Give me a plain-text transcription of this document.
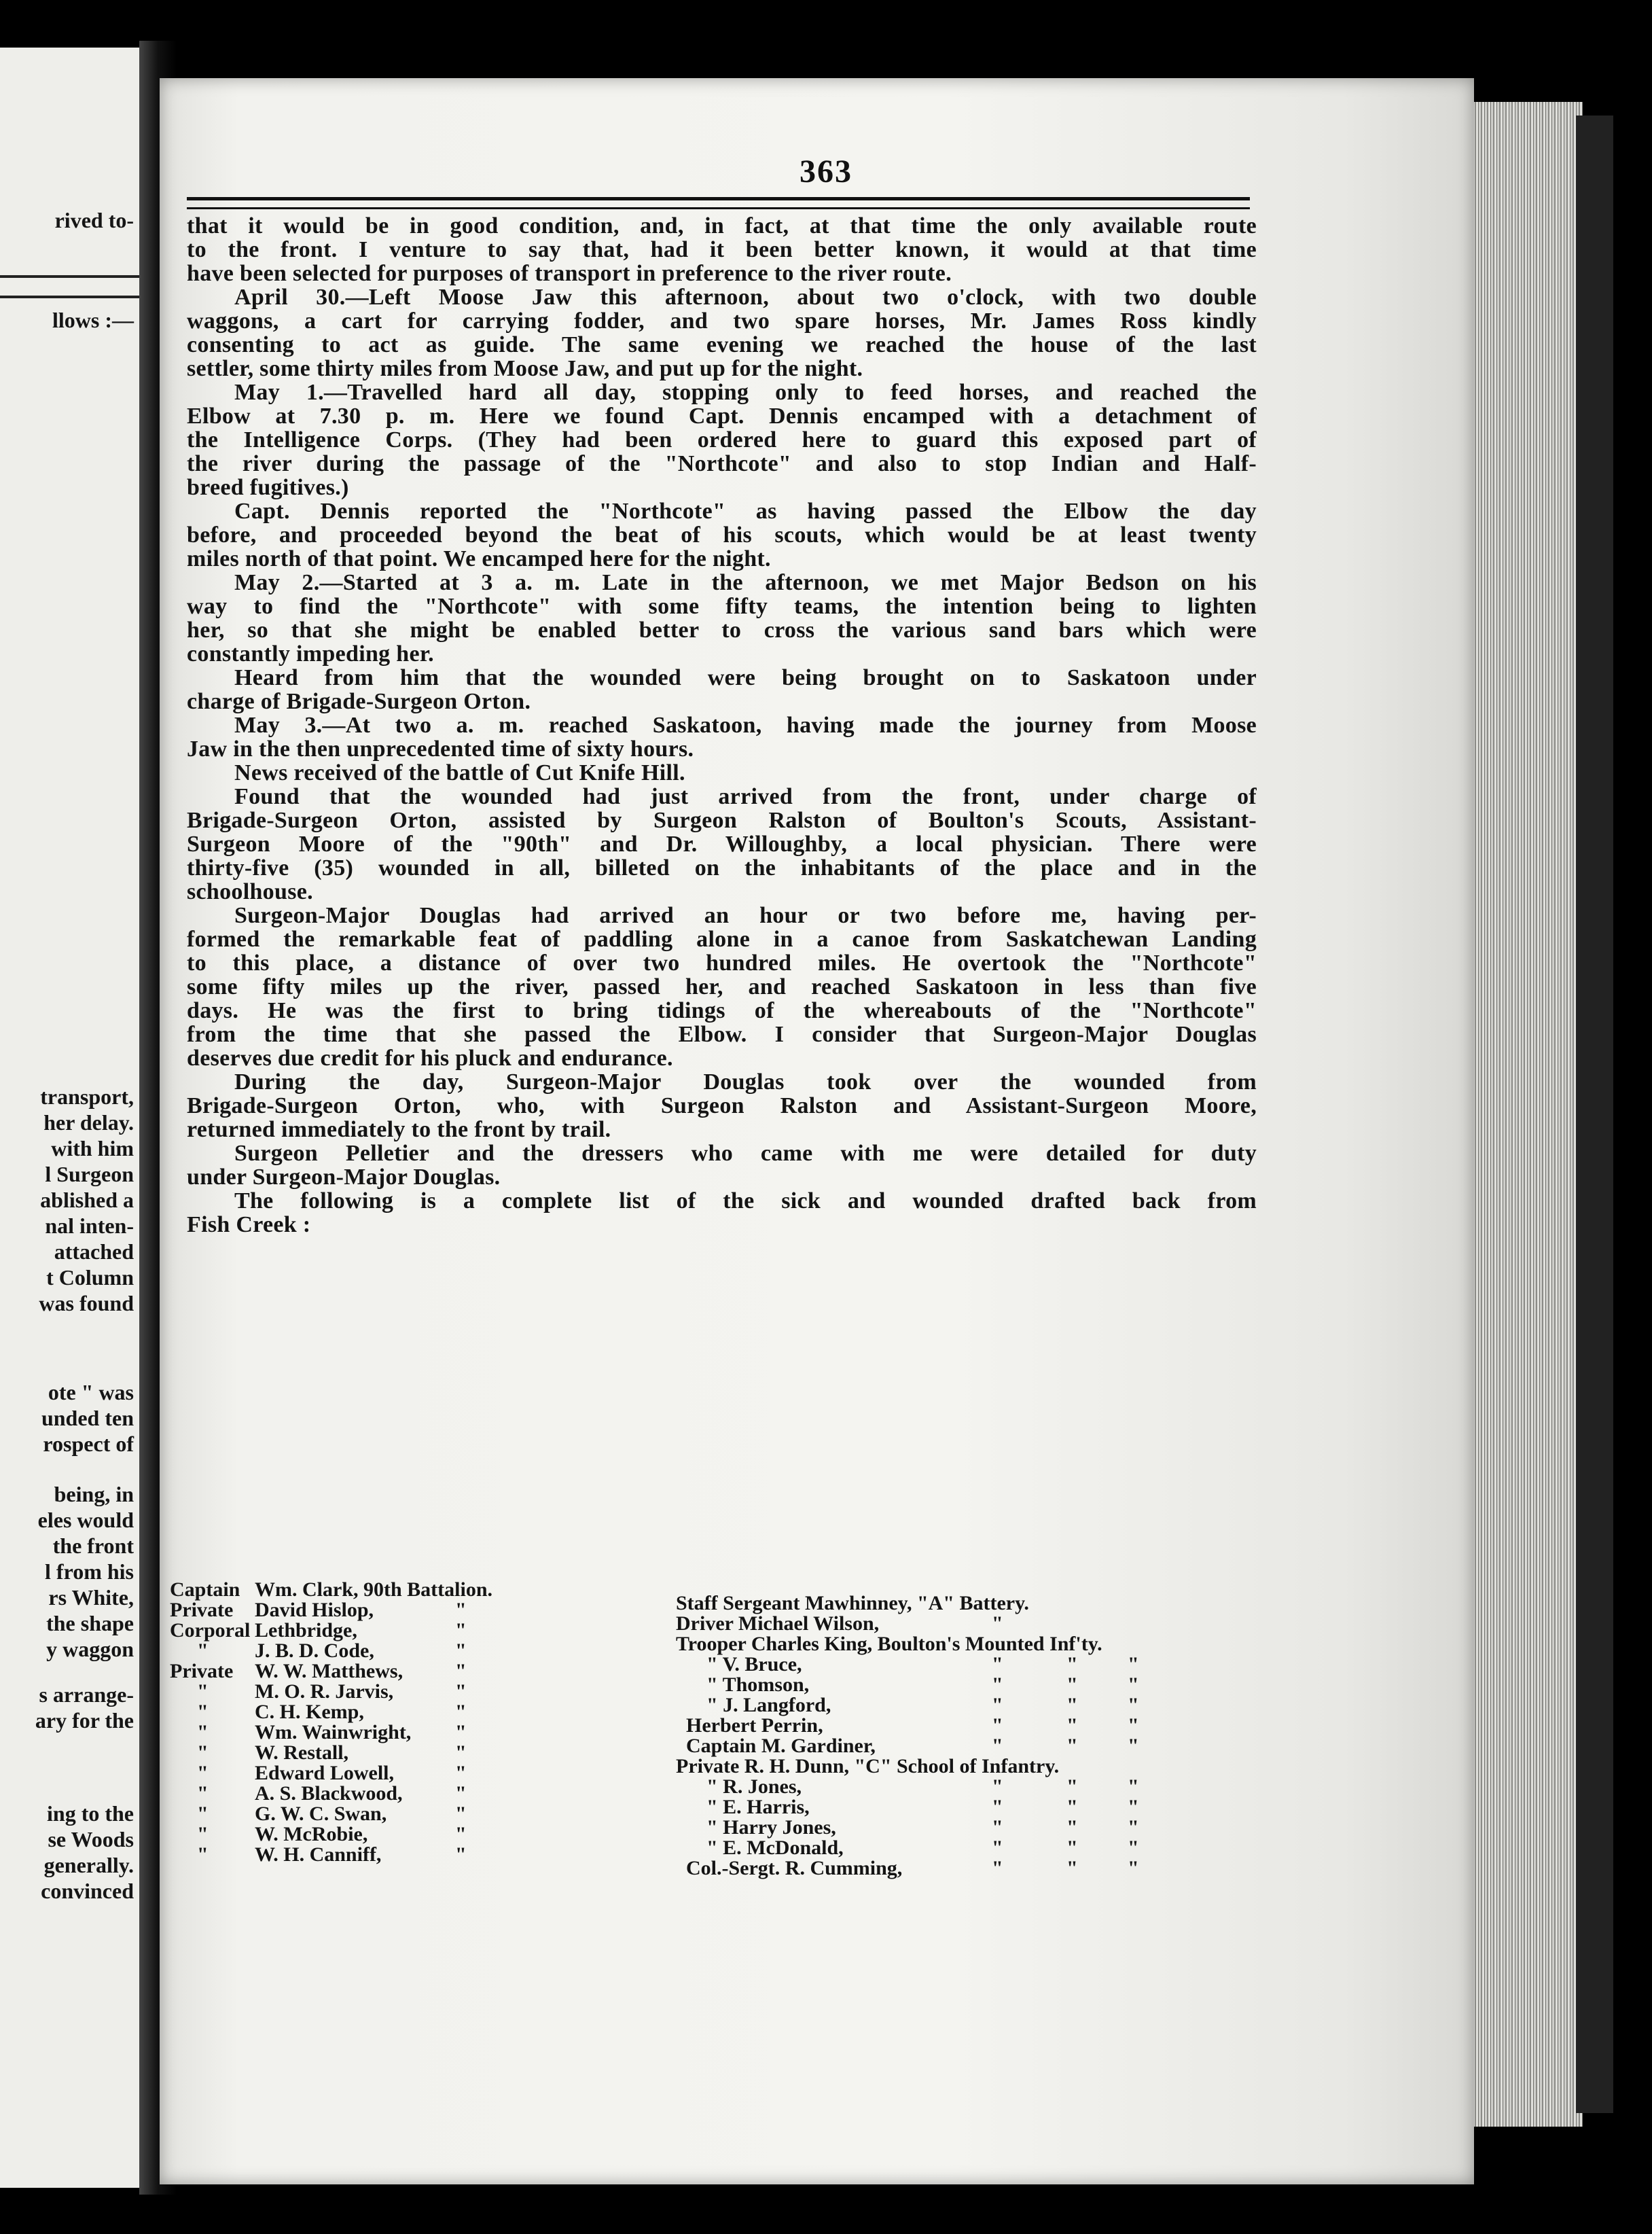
rived to-
llows :—
transport,
her delay.
with him
l Surgeon
ablished a
nal inten-
attached
t Column
was found
ote " was
unded ten
rospect of
being, in
eles would
the front
l from his
rs White,
the shape
y waggon
s arrange-
ary for the
ing to the
se Woods
generally.
convinced
363
that it would be in good condition, and, in fact, at that time the only available route
to the front. I venture to say that, had it been better known, it would at that time
have been selected for purposes of transport in preference to the river route.
April 30.—Left Moose Jaw this afternoon, about two o'clock, with two double
waggons, a cart for carrying fodder, and two spare horses, Mr. James Ross kindly
consenting to act as guide. The same evening we reached the house of the last
settler, some thirty miles from Moose Jaw, and put up for the night.
May 1.—Travelled hard all day, stopping only to feed horses, and reached the
Elbow at 7.30 p. m. Here we found Capt. Dennis encamped with a detachment of
the Intelligence Corps. (They had been ordered here to guard this exposed part of
the river during the passage of the "Northcote" and also to stop Indian and Half-
breed fugitives.)
Capt. Dennis reported the "Northcote" as having passed the Elbow the day
before, and proceeded beyond the beat of his scouts, which would be at least twenty
miles north of that point. We encamped here for the night.
May 2.—Started at 3 a. m. Late in the afternoon, we met Major Bedson on his
way to find the "Northcote" with some fifty teams, the intention being to lighten
her, so that she might be enabled better to cross the various sand bars which were
constantly impeding her.
Heard from him that the wounded were being brought on to Saskatoon under
charge of Brigade-Surgeon Orton.
May 3.—At two a. m. reached Saskatoon, having made the journey from Moose
Jaw in the then unprecedented time of sixty hours.
News received of the battle of Cut Knife Hill.
Found that the wounded had just arrived from the front, under charge of
Brigade-Surgeon Orton, assisted by Surgeon Ralston of Boulton's Scouts, Assistant-
Surgeon Moore of the "90th" and Dr. Willoughby, a local physician. There were
thirty-five (35) wounded in all, billeted on the inhabitants of the place and in the
schoolhouse.
Surgeon-Major Douglas had arrived an hour or two before me, having per-
formed the remarkable feat of paddling alone in a canoe from Saskatchewan Landing
to this place, a distance of over two hundred miles. He overtook the "Northcote"
some fifty miles up the river, passed her, and reached Saskatoon in less than five
days. He was the first to bring tidings of the whereabouts of the "Northcote"
from the time that she passed the Elbow. I consider that Surgeon-Major Douglas
deserves due credit for his pluck and endurance.
During the day, Surgeon-Major Douglas took over the wounded from
Brigade-Surgeon Orton, who, with Surgeon Ralston and Assistant-Surgeon Moore,
returned immediately to the front by trail.
Surgeon Pelletier and the dressers who came with me were detailed for duty
under Surgeon-Major Douglas.
The following is a complete list of the sick and wounded drafted back from
Fish Creek :
Captain Wm. Clark, 90th Battalion.
Private David Hislop,	"
Corporal Lethbridge,	"
" J. B. D. Code,	"
Private W. W. Matthews,	"
" M. O. R. Jarvis,	"
" C. H. Kemp,	"
" Wm. Wainwright, "
" W. Restall,	"
" Edward Lowell,	"
" A. S. Blackwood,	"
" G. W. C. Swan,	"
" W. McRobie,	"
" W. H. Canniff,	"
Staff Sergeant Mawhinney, "A" Battery.
Driver Michael Wilson,	"
Trooper Charles King, Boulton's Mounted Inf'ty.
" V. Bruce,	"	" "
" Thomson,	"	" "
" J. Langford,	"	" "
Herbert Perrin,	"	" "
Captain M. Gardiner,	"	" "
Private R. H. Dunn, "C" School of Infantry.
" R. Jones,	"	" "
" E. Harris,	"	" "
" Harry Jones,	"	" "
" E. McDonald,	"	" "
Col.-Sergt. R. Cumming,	"	" "
